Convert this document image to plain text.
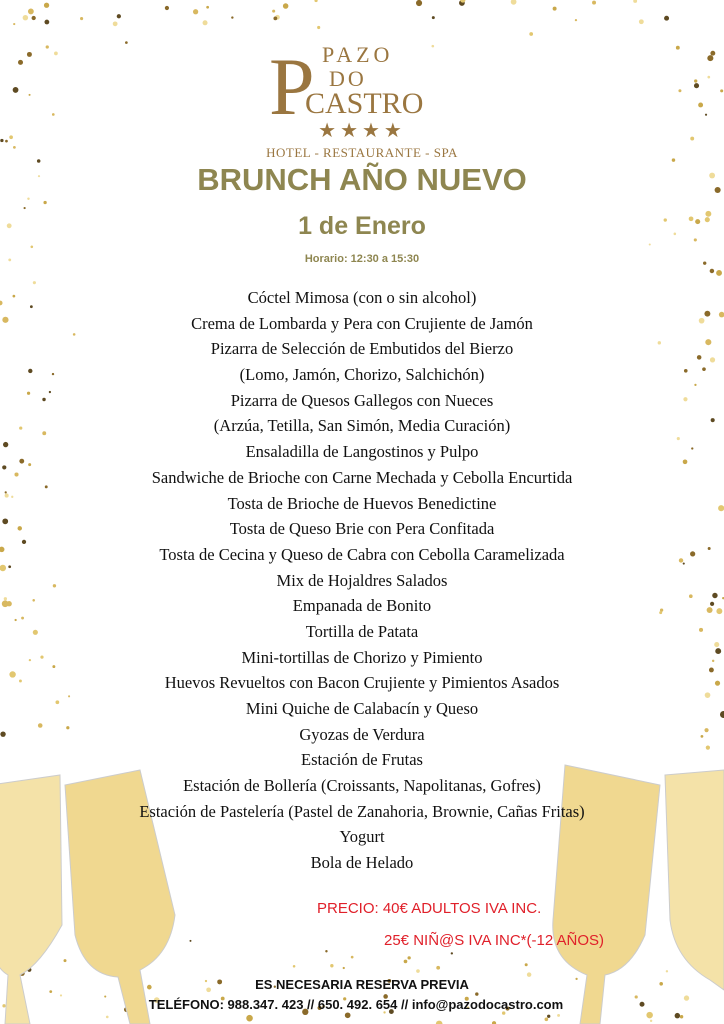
P PAZO
DO
CASTRO
★★★★
HOTEL - RESTAURANTE - SPA
BRUNCH AÑO NUEVO
1 de Enero
Horario: 12:30 a 15:30
Cóctel Mimosa (con o sin alcohol)
Crema de Lombarda y Pera con Crujiente de Jamón
Pizarra de Selección de Embutidos del Bierzo
(Lomo, Jamón, Chorizo, Salchichón)
Pizarra de Quesos Gallegos con Nueces
(Arzúa, Tetilla, San Simón, Media Curación)
Ensaladilla de Langostinos y Pulpo
Sandwiche de Brioche con Carne Mechada y Cebolla Encurtida
Tosta de Brioche de Huevos Benedictine
Tosta de Queso Brie con Pera Confitada
Tosta de Cecina y Queso de Cabra con Cebolla Caramelizada
Mix de Hojaldres Salados
Empanada de Bonito
Tortilla de Patata
Mini-tortillas de Chorizo y Pimiento
Huevos Revueltos con Bacon Crujiente y Pimientos Asados
Mini Quiche de Calabacín y Queso
Gyozas de Verdura
Estación de Frutas
Estación de Bollería (Croissants, Napolitanas, Gofres)
Estación de Pastelería (Pastel de Zanahoria, Brownie, Cañas Fritas)
Yogurt
Bola de Helado
PRECIO: 40€ ADULTOS IVA INC.
25€ NIÑ@S IVA INC*(-12 AÑOS)
ES NECESARIA RESERVA PREVIA
TELÉFONO: 988.347. 423 // 650. 492. 654 // info@pazodocastro.com
